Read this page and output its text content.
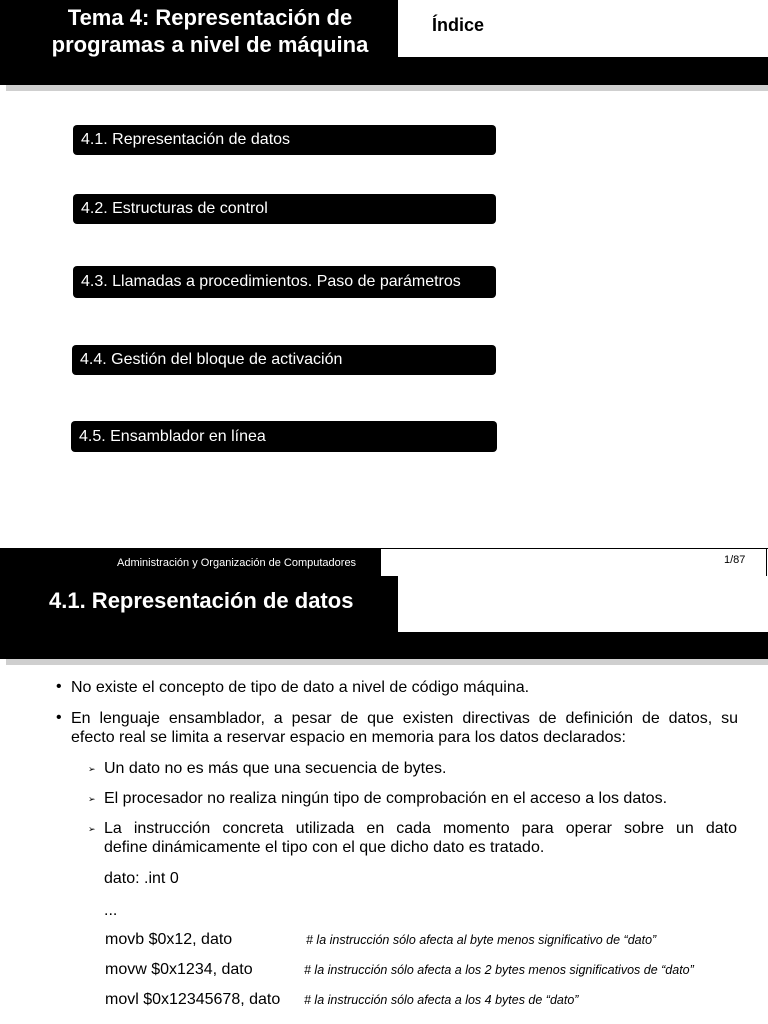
Tema 4: Representación de
programas a nivel de máquina
Índice
4.1. Representación de datos
4.2. Estructuras de control
4.3. Llamadas a procedimientos. Paso de parámetros
4.4. Gestión del bloque de activación
4.5. Ensamblador en línea
Administración y Organización de Computadores	1/87
4.1. Representación de datos
• No existe el concepto de tipo de dato a nivel de código máquina.
• En lenguaje ensamblador, a pesar de que existen directivas de definición de datos, su
efecto real se limita a reservar espacio en memoria para los datos declarados:
➢ Un dato no es más que una secuencia de bytes.
➢ El procesador no realiza ningún tipo de comprobación en el acceso a los datos.
➢ La instrucción concreta utilizada en cada momento para operar sobre un dato
define dinámicamente el tipo con el que dicho dato es tratado.
dato: .int 0
...
movb $0x12, dato	# la instrucción sólo afecta al byte menos significativo de “dato”
movw $0x1234, dato	# la instrucción sólo afecta a los 2 bytes menos significativos de “dato”
movl $0x12345678, dato # la instrucción sólo afecta a los 4 bytes de “dato”
